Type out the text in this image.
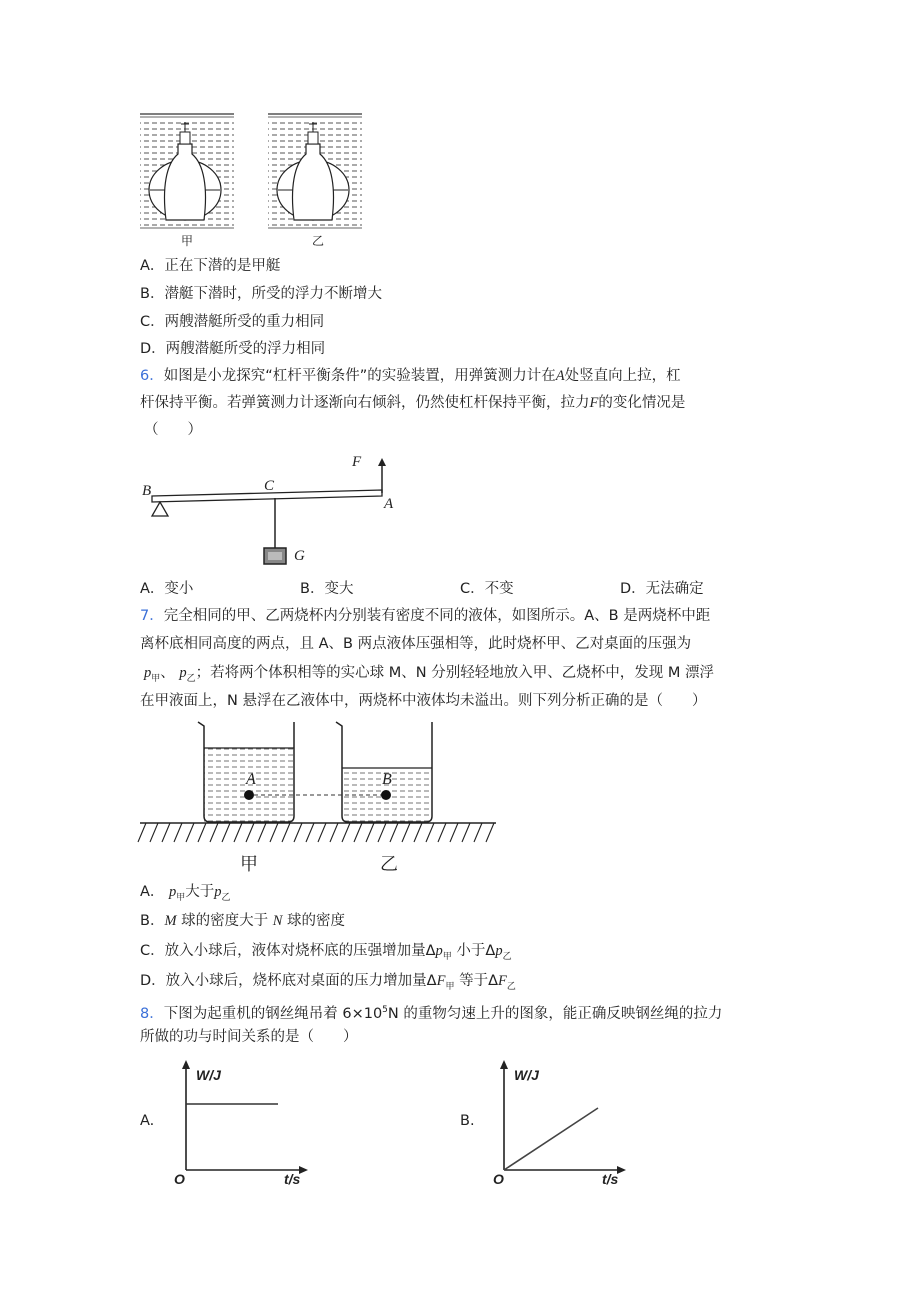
甲	乙
A．正在下潜的是甲艇
B．潜艇下潜时，所受的浮力不断增大
C．两艘潜艇所受的重力相同
D．两艘潜艇所受的浮力相同
6．如图是小龙探究“杠杆平衡条件”的实验装置，用弹簧测力计在A处竖直向上拉，杠
杆保持平衡。若弹簧测力计逐渐向右倾斜，仍然使杠杆保持平衡，拉力F的变化情况是
（　　）
B	C
A
F
G
A．变小	B．变大	C．不变	D．无法确定
7．完全相同的甲、乙两烧杯内分别装有密度不同的液体，如图所示。A、B 是两烧杯中距
离杯底相同高度的两点，且 A、B 两点液体压强相等，此时烧杯甲、乙对桌面的压强为
$p_甲$、 $p_乙$；若将两个体积相等的实心球 M、N 分别轻轻地放入甲、乙烧杯中，发现 M 漂浮
在甲液面上，N 悬浮在乙液体中，两烧杯中液体均未溢出。则下列分析正确的是（　　）
A	B
甲	乙
A． $p_甲$大于$p_乙$
B．M 球的密度大于 N 球的密度
C．放入小球后，液体对烧杯底的压强增加量$\Delta p_甲$ 小于$\Delta p_乙$
D．放入小球后，烧杯底对桌面的压力增加量$\Delta F_甲$ 等于$\Delta F_乙$
8．下图为起重机的钢丝绳吊着 $6\times 10^5N$ 的重物匀速上升的图象，能正确反映钢丝绳的拉力
所做的功与时间关系的是（　　）
A.
W/J
t/s
O
B.
W/J
t/s
O
